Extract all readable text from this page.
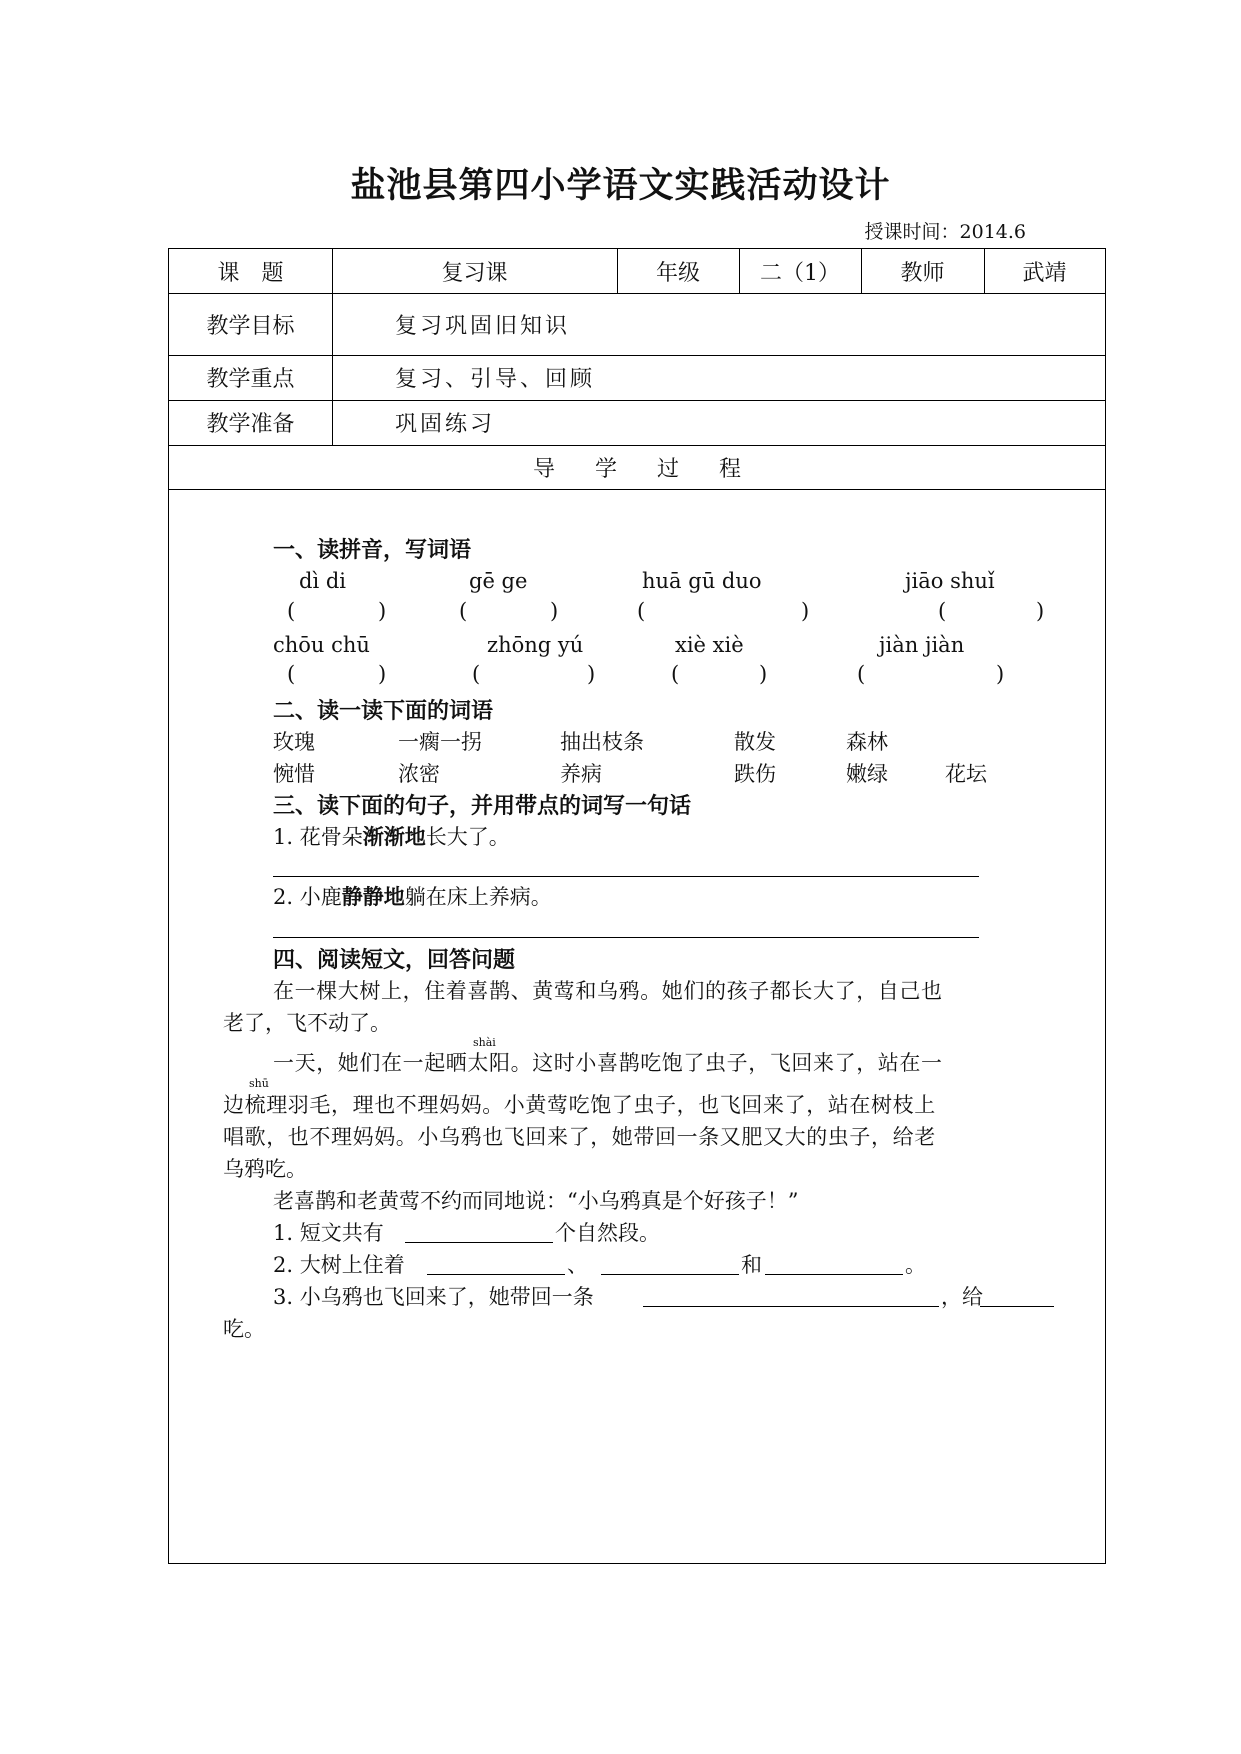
盐池县第四小学语文实践活动设计
授课时间：2014.6
课　题	复习课	年级	二（1）	教师	武靖
教学目标	复习巩固旧知识
教学重点	复习、引导、回顾
教学准备	巩固练习
导学过程
一、读拼音，写词语
dì di	gē ge	huā gū duo	jiāo shuǐ
(	)	(	)	(	)	(	)
chōu chū	zhōng yú	xiè xiè	jiàn jiàn
(	)	(	)	(	)	(	)
二、读一读下面的词语
玫瑰	一瘸一拐	抽出枝条	散发	森林
惋惜	浓密	养病	跌伤	嫩绿	花坛
三、读下面的句子，并用带点的词写一句话
1. 花骨朵渐渐地长大了。
2. 小鹿静静地躺在床上养病。
四、阅读短文，回答问题
在一棵大树上，住着喜鹊、黄莺和乌鸦。她们的孩子都长大了，自己也
老了，飞不动了。
shài
一天，她们在一起晒太阳。这时小喜鹊吃饱了虫子，飞回来了，站在一
shū
边梳理羽毛，理也不理妈妈。小黄莺吃饱了虫子，也飞回来了，站在树枝上
唱歌，也不理妈妈。小乌鸦也飞回来了，她带回一条又肥又大的虫子，给老
乌鸦吃。
老喜鹊和老黄莺不约而同地说：“小乌鸦真是个好孩子！”
1. 短文共有	个自然段。
2. 大树上住着	、	和	。
3. 小乌鸦也飞回来了，她带回一条	，给
吃。
